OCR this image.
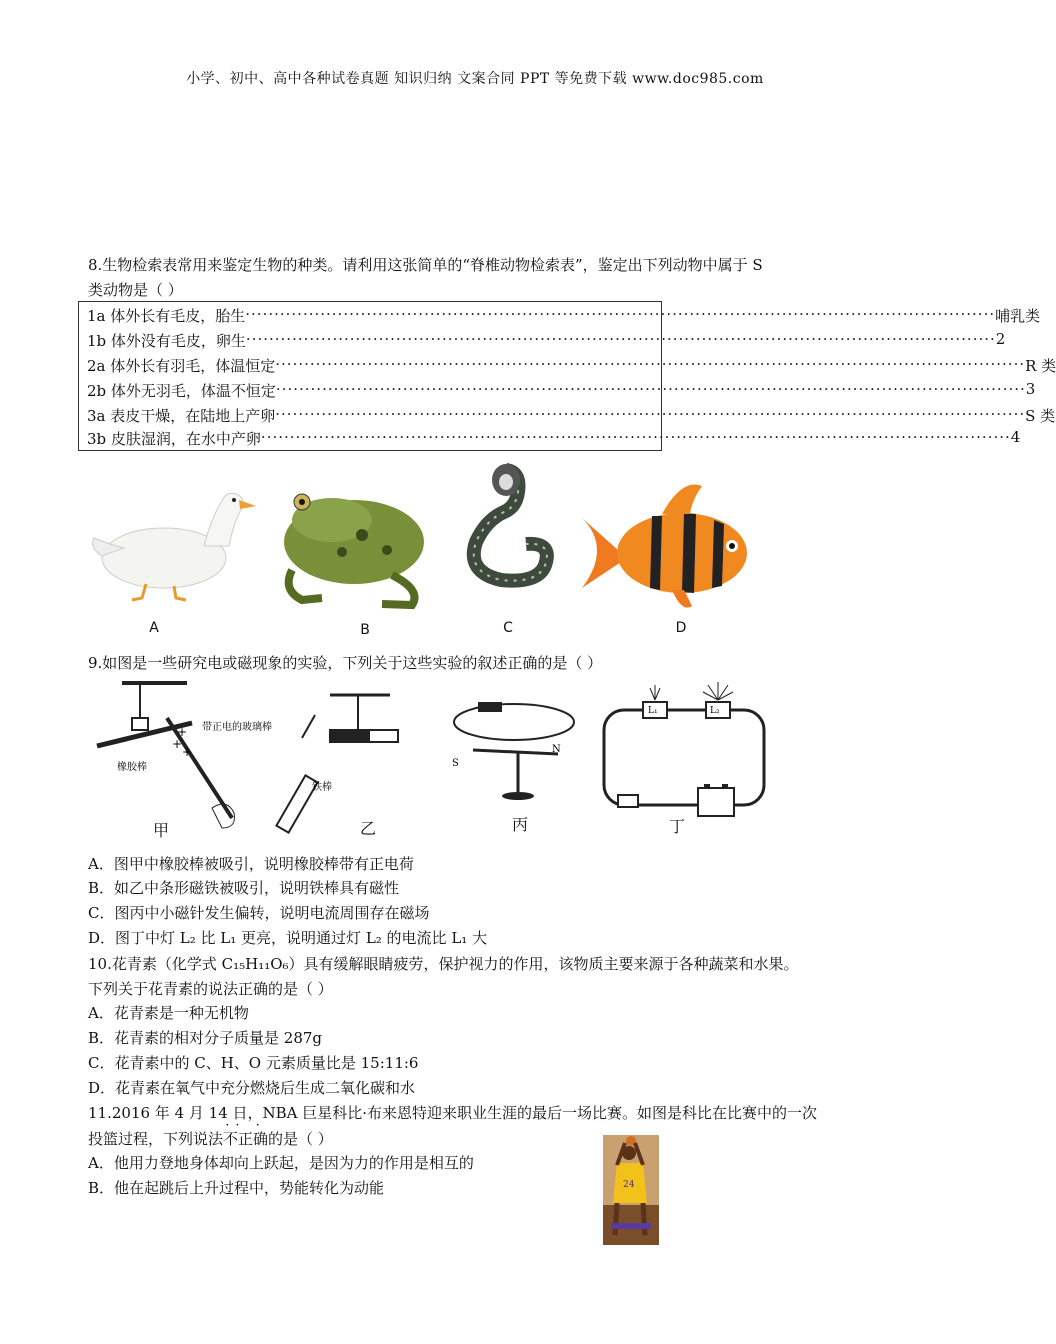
小学、初中、高中各种试卷真题 知识归纳 文案合同 PPT 等免费下载 www.doc985.com
8.生物检索表常用来鉴定生物的种类。请利用这张简单的“脊椎动物检索表”，鉴定出下列动物中属于 S
类动物是（ ）
1a 体外长有毛皮，胎生 ·····	哺乳类
1b 体外没有毛皮，卵生 ·····	2
2a 体外长有羽毛，体温恒定 ·····	R 类
2b 体外无羽毛，体温不恒定 ·····	3
3a 表皮干燥，在陆地上产卵 ·····	S 类
3b 皮肤湿润，在水中产卵 ·····	4
A	B	C	D
9.如图是一些研究电或磁现象的实验，下列关于这些实验的叙述正确的是（ ）
+
+
+
橡胶棒
带正电的玻璃棒
铁棒
S
N
L₁	L₂
甲	乙	丙	丁
A．图甲中橡胶棒被吸引，说明橡胶棒带有正电荷
B．如乙中条形磁铁被吸引，说明铁棒具有磁性
C．图丙中小磁针发生偏转，说明电流周围存在磁场
D．图丁中灯 L₂ 比 L₁ 更亮，说明通过灯 L₂ 的电流比 L₁ 大
10.花青素（化学式 C₁₅H₁₁O₆）具有缓解眼睛疲劳，保护视力的作用，该物质主要来源于各种蔬菜和水果。
下列关于花青素的说法正确的是（ ）
A．花青素是一种无机物
B．花青素的相对分子质量是 287g
C．花青素中的 C、H、O 元素质量比是 15:11:6
D．花青素在氧气中充分燃烧后生成二氧化碳和水
11.2016 年 4 月 14 日，NBA 巨星科比·布来恩特迎来职业生涯的最后一场比赛。如图是科比在比赛中的一次
投篮过程，下列说法不正确
·· ·
的是（ ）
A．他用力登地身体却向上跃起，是因为力的作用是相互的
B．他在起跳后上升过程中，势能转化为动能	24
